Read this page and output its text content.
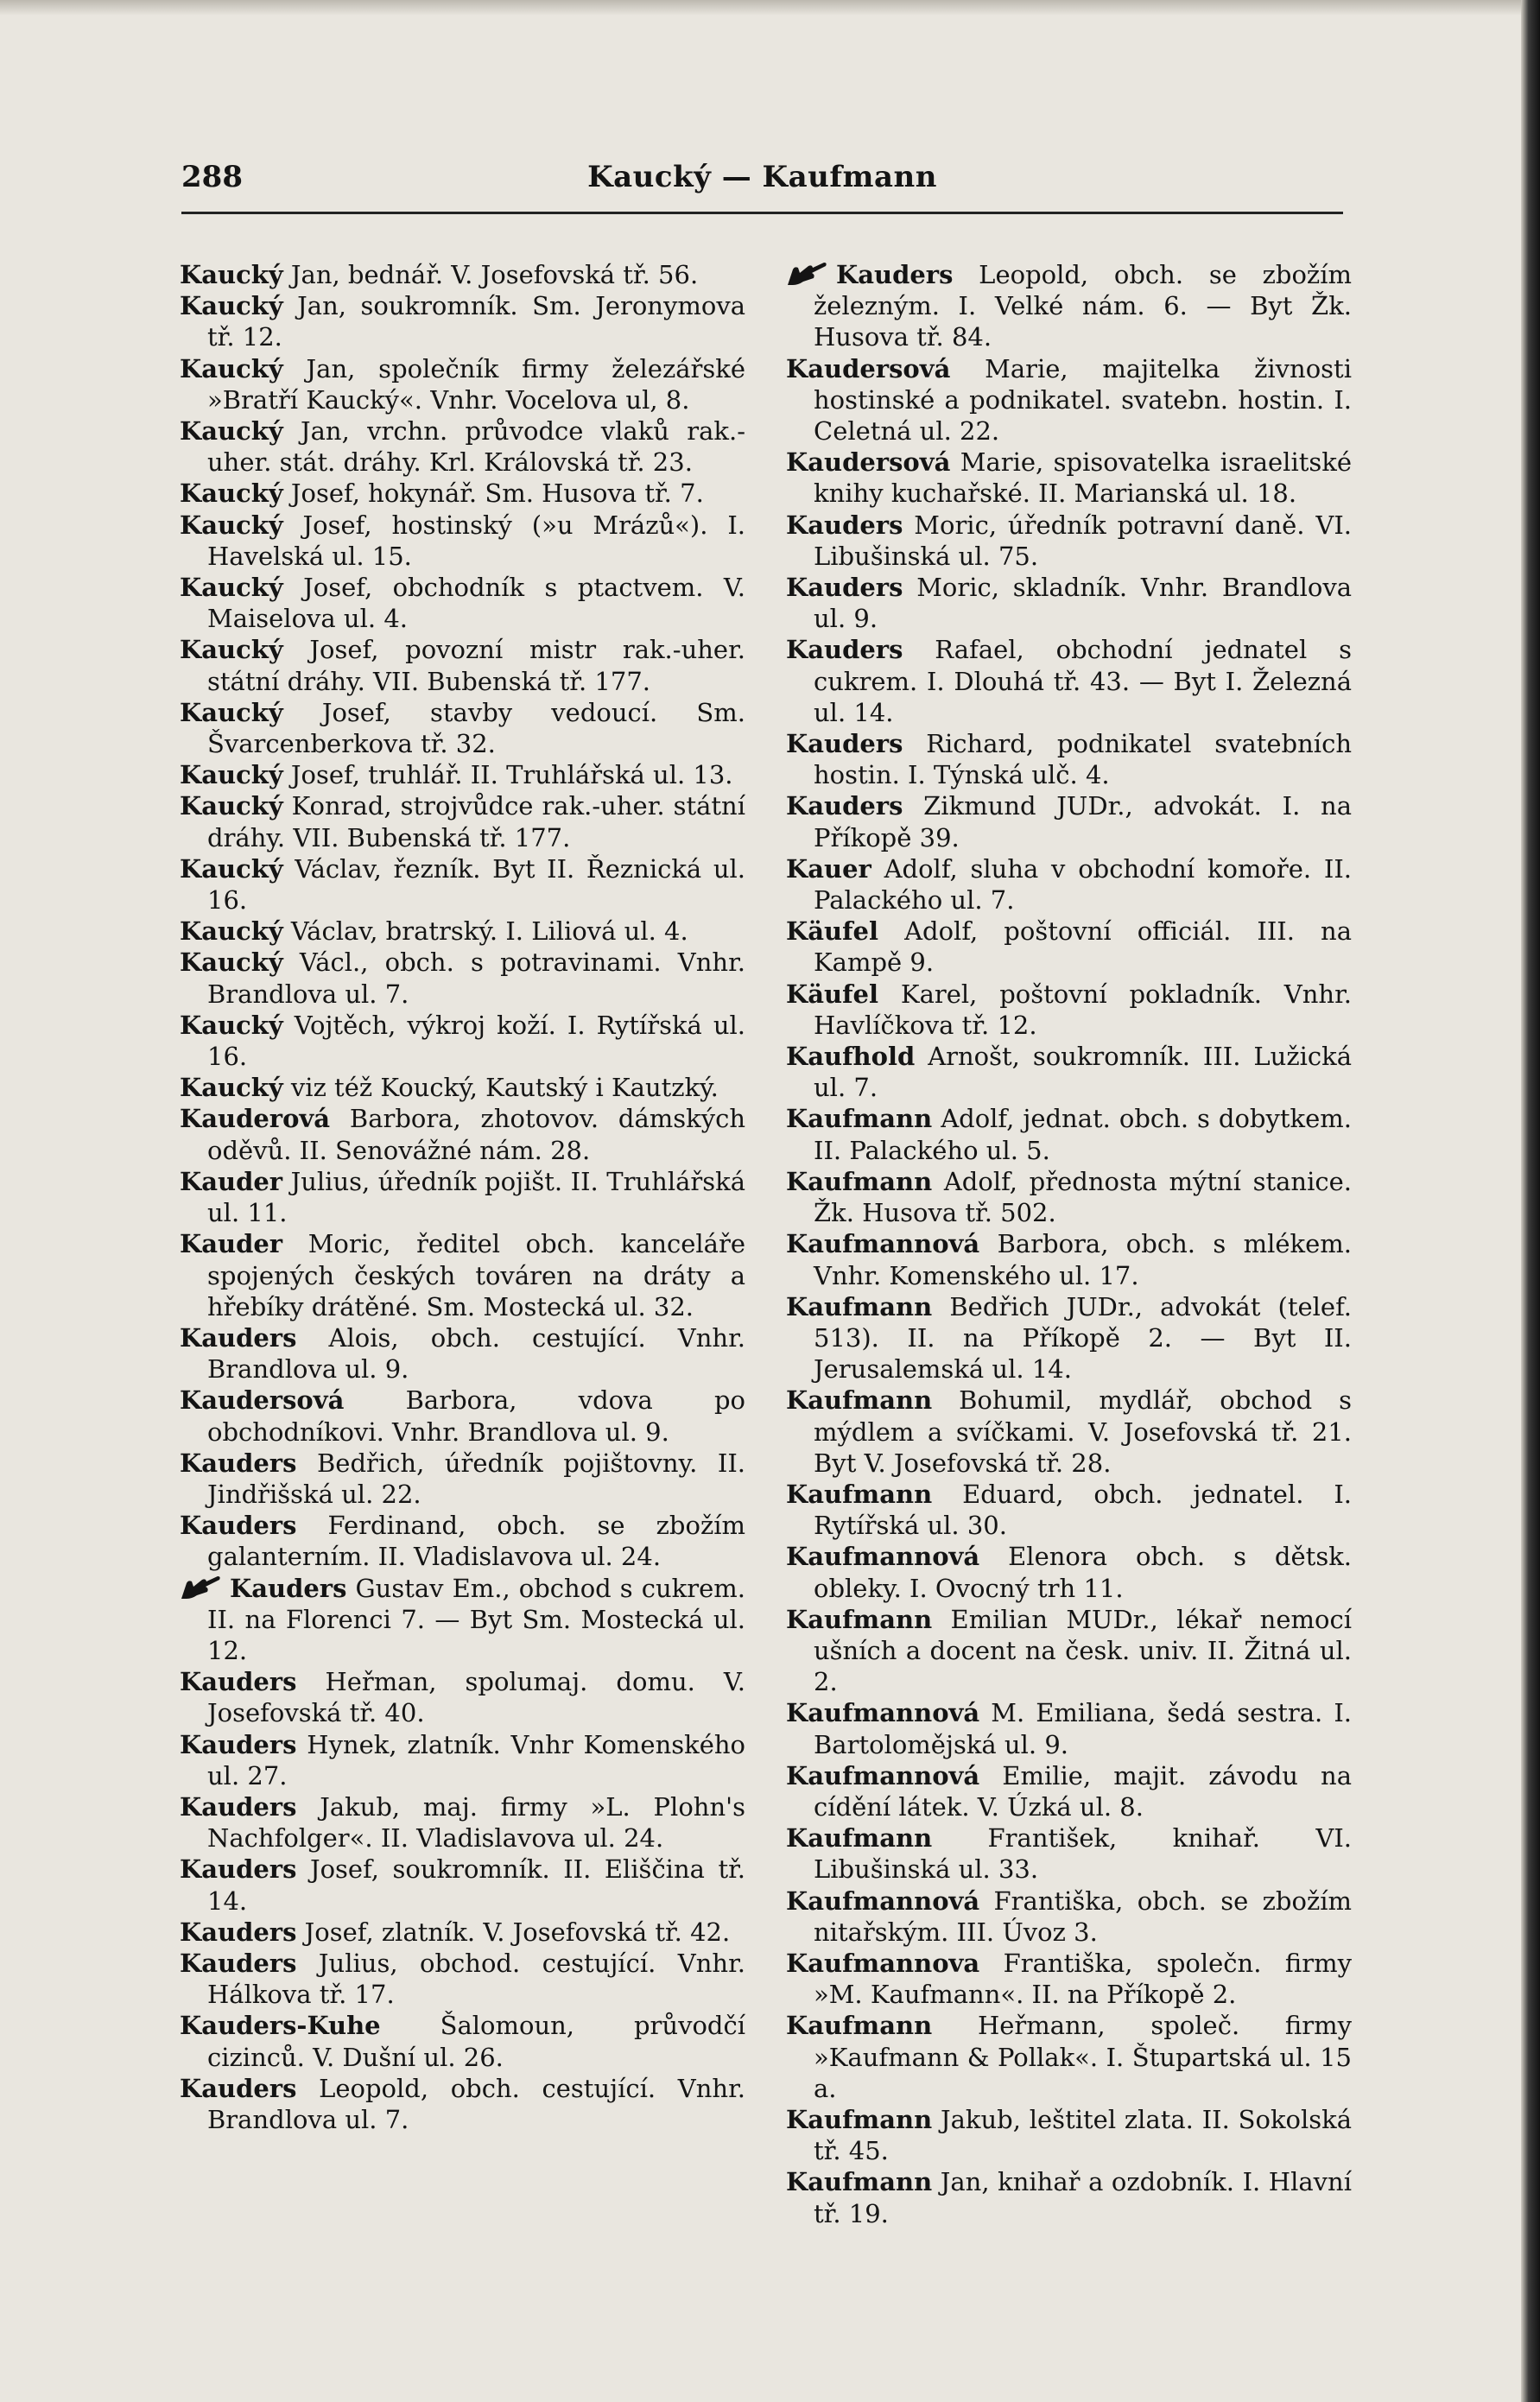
288	Kaucký — Kaufmann

Kaucký Jan, bednář. V. Josefovská tř. 56.

Kaucký Jan, soukromník. Sm. Jeronymova tř. 12.

Kaucký Jan, společník firmy železářské »Bratří Kaucký«. Vnhr. Vocelova ul, 8.

Kaucký Jan, vrchn. průvodce vlaků rak.-uher. stát. dráhy. Krl. Královská tř. 23.

Kaucký Josef, hokynář. Sm. Husova tř. 7.

Kaucký Josef, hostinský (»u Mrázů«). I. Havelská ul. 15.

Kaucký Josef, obchodník s ptactvem. V. Maiselova ul. 4.

Kaucký Josef, povozní mistr rak.-uher. státní dráhy. VII. Bubenská tř. 177.

Kaucký Josef, stavby vedoucí. Sm. Švarcenberkova tř. 32.

Kaucký Josef, truhlář. II. Truhlářská ul. 13.

Kaucký Konrad, strojvůdce rak.-uher. státní dráhy. VII. Bubenská tř. 177.

Kaucký Václav, řezník. Byt II. Řeznická ul. 16.

Kaucký Václav, bratrský. I. Liliová ul. 4.

Kaucký Václ., obch. s potravinami. Vnhr. Brandlova ul. 7.

Kaucký Vojtěch, výkroj koží. I. Rytířská ul. 16.

Kaucký viz též Koucký, Kautský i Kautzký.

Kauderová Barbora, zhotovov. dámských oděvů. II. Senovážné nám. 28.

Kauder Julius, úředník pojišt. II. Truhlářská ul. 11.

Kauder Moric, ředitel obch. kanceláře spojených českých továren na dráty a hřebíky drátěné. Sm. Mostecká ul. 32.

Kauders Alois, obch. cestující. Vnhr. Brandlova ul. 9.

Kaudersová Barbora, vdova po obchodníkovi. Vnhr. Brandlova ul. 9.

Kauders Bedřich, úředník pojištovny. II. Jindřišská ul. 22.

Kauders Ferdinand, obch. se zbožím galanterním. II. Vladislavova ul. 24.

Kauders Gustav Em., obchod s cukrem. II. na Florenci 7. — Byt Sm. Mostecká ul. 12.

Kauders Heřman, spolumaj. domu. V. Josefovská tř. 40.

Kauders Hynek, zlatník. Vnhr Komenského ul. 27.

Kauders Jakub, maj. firmy »L. Plohn's Nachfolger«. II. Vladislavova ul. 24.

Kauders Josef, soukromník. II. Eliščina tř. 14.

Kauders Josef, zlatník. V. Josefovská tř. 42.

Kauders Julius, obchod. cestující. Vnhr. Hálkova tř. 17.

Kauders-Kuhe Šalomoun, průvodčí cizinců. V. Dušní ul. 26.

Kauders Leopold, obch. cestující. Vnhr. Brandlova ul. 7.

Kauders Leopold, obch. se zbožím železným. I. Velké nám. 6. — Byt Žk. Husova tř. 84.

Kaudersová Marie, majitelka živnosti hostinské a podnikatel. svatebn. hostin. I. Celetná ul. 22.

Kaudersová Marie, spisovatelka israelitské knihy kuchařské. II. Marianská ul. 18.

Kauders Moric, úředník potravní daně. VI. Libušinská ul. 75.

Kauders Moric, skladník. Vnhr. Brandlova ul. 9.

Kauders Rafael, obchodní jednatel s cukrem. I. Dlouhá tř. 43. — Byt I. Železná ul. 14.

Kauders Richard, podnikatel svatebních hostin. I. Týnská ulč. 4.

Kauders Zikmund JUDr., advokát. I. na Příkopě 39.

Kauer Adolf, sluha v obchodní komoře. II. Palackého ul. 7.

Käufel Adolf, poštovní officiál. III. na Kampě 9.

Käufel Karel, poštovní pokladník. Vnhr. Havlíčkova tř. 12.

Kaufhold Arnošt, soukromník. III. Lužická ul. 7.

Kaufmann Adolf, jednat. obch. s dobytkem. II. Palackého ul. 5.

Kaufmann Adolf, přednosta mýtní stanice. Žk. Husova tř. 502.

Kaufmannová Barbora, obch. s mlékem. Vnhr. Komenského ul. 17.

Kaufmann Bedřich JUDr., advokát (telef. 513). II. na Příkopě 2. — Byt II. Jerusalemská ul. 14.

Kaufmann Bohumil, mydlář, obchod s mýdlem a svíčkami. V. Josefovská tř. 21. Byt V. Josefovská tř. 28.

Kaufmann Eduard, obch. jednatel. I. Rytířská ul. 30.

Kaufmannová Elenora obch. s dětsk. obleky. I. Ovocný trh 11.

Kaufmann Emilian MUDr., lékař nemocí ušních a docent na česk. univ. II. Žitná ul. 2.

Kaufmannová M. Emiliana, šedá sestra. I. Bartolomějská ul. 9.

Kaufmannová Emilie, majit. závodu na cídění látek. V. Úzká ul. 8.

Kaufmann František, knihař. VI. Libušinská ul. 33.

Kaufmannová Františka, obch. se zbožím nitařským. III. Úvoz 3.

Kaufmannova Františka, společn. firmy »M. Kaufmann«. II. na Příkopě 2.

Kaufmann Heřmann, společ. firmy »Kaufmann & Pollak«. I. Štupartská ul. 15 a.

Kaufmann Jakub, leštitel zlata. II. Sokolská tř. 45.

Kaufmann Jan, knihař a ozdobník. I. Hlavní tř. 19.
